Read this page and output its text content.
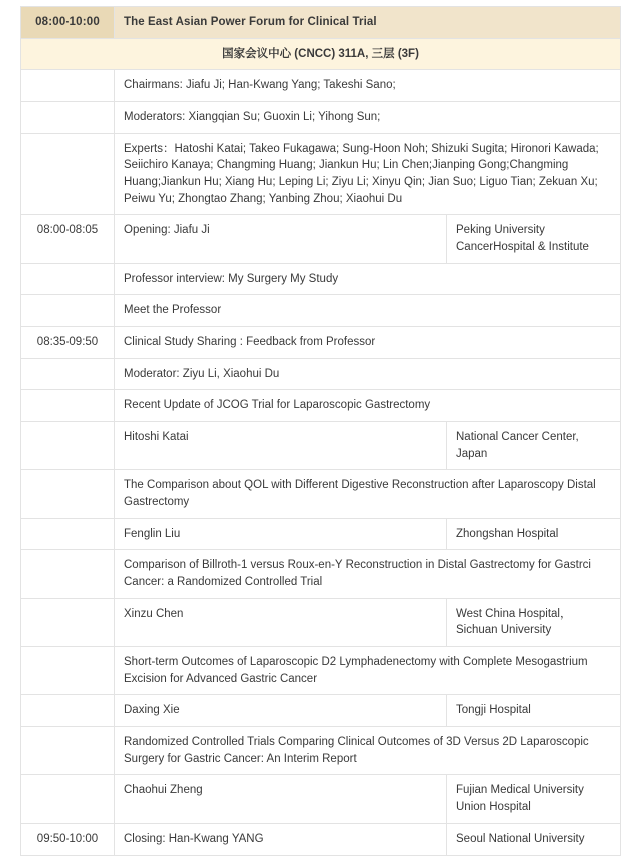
08:00-10:00	The East Asian Power Forum for Clinical Trial	
国家会议中心 (CNCC) 311A, 三层 (3F)		
	Chairmans: Jiafu Ji; Han-Kwang Yang; Takeshi Sano;	
	Moderators: Xiangqian Su; Guoxin Li; Yihong Sun;	
	Experts：Hatoshi Katai; Takeo Fukagawa; Sung-Hoon Noh; Shizuki Sugita; Hironori Kawada; Seiichiro Kanaya; Changming Huang; Jiankun Hu; Lin Chen;Jianping Gong;Changming Huang;Jiankun Hu; Xiang Hu; Leping Li; Ziyu Li; Xinyu Qin; Jian Suo; Liguo Tian; Zekuan Xu; Peiwu Yu; Zhongtao Zhang; Yanbing Zhou; Xiaohui Du	
08:00-08:05	Opening: Jiafu Ji	Peking University CancerHospital & Institute
	Professor interview: My Surgery My Study	
	Meet the Professor	
08:35-09:50	Clinical Study Sharing : Feedback from Professor	
	Moderator: Ziyu Li, Xiaohui Du	
	Recent Update of JCOG Trial for Laparoscopic Gastrectomy	
	Hitoshi Katai	National Cancer Center, Japan
	The Comparison about QOL with Different Digestive Reconstruction after Laparoscopy Distal Gastrectomy	
	Fenglin Liu	Zhongshan Hospital
	Comparison of Billroth-1 versus Roux-en-Y Reconstruction in Distal Gastrectomy for Gastrci Cancer: a Randomized Controlled Trial	
	Xinzu Chen	West China Hospital，Sichuan University
	Short-term Outcomes of Laparoscopic D2 Lymphadenectomy with Complete Mesogastrium Excision for Advanced Gastric Cancer	
	Daxing Xie	Tongji Hospital
	Randomized Controlled Trials Comparing Clinical Outcomes of 3D Versus 2D Laparoscopic Surgery for Gastric Cancer: An Interim Report	
	Chaohui Zheng	Fujian Medical University Union Hospital
09:50-10:00	Closing: Han-Kwang YANG	Seoul National University
